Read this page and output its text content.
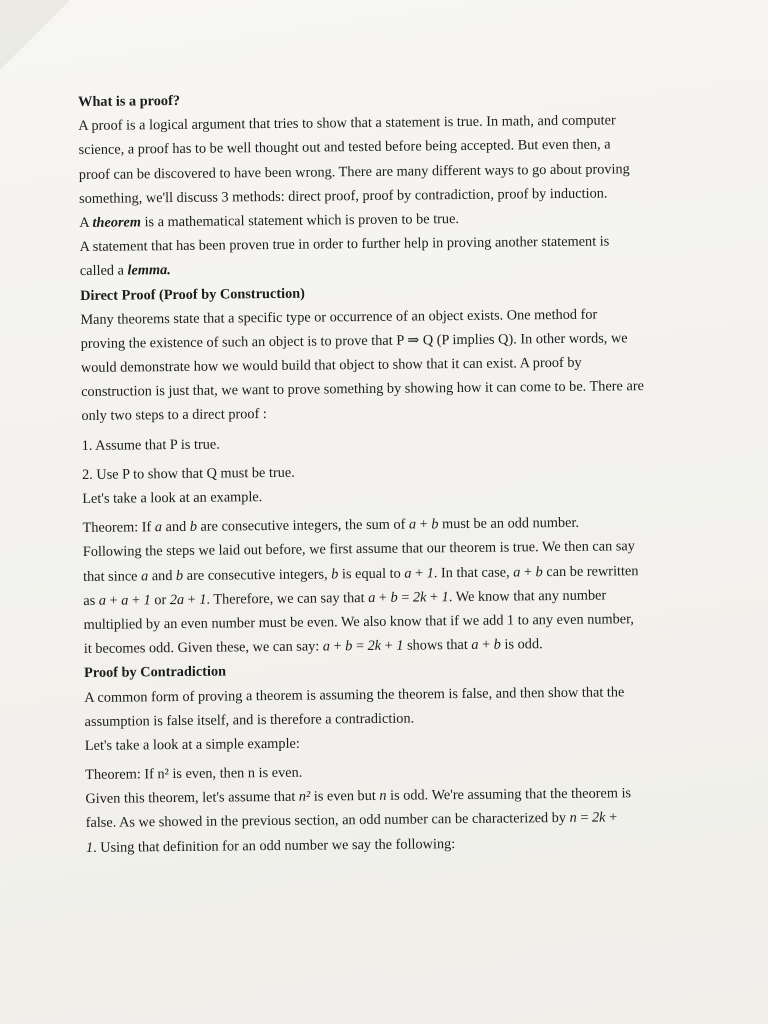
What is a proof?
A proof is a logical argument that tries to show that a statement is true. In math, and computer
science, a proof has to be well thought out and tested before being accepted. But even then, a
proof can be discovered to have been wrong. There are many different ways to go about proving
something, we'll discuss 3 methods: direct proof, proof by contradiction, proof by induction.
A theorem is a mathematical statement which is proven to be true.
A statement that has been proven true in order to further help in proving another statement is
called a lemma.
Direct Proof (Proof by Construction)
Many theorems state that a specific type or occurrence of an object exists. One method for
proving the existence of such an object is to prove that P ⇒ Q (P implies Q). In other words, we
would demonstrate how we would build that object to show that it can exist. A proof by
construction is just that, we want to prove something by showing how it can come to be. There are
only two steps to a direct proof :
1. Assume that P is true.
2. Use P to show that Q must be true.
Let's take a look at an example.
Theorem: If a and b are consecutive integers, the sum of a + b must be an odd number.
Following the steps we laid out before, we first assume that our theorem is true. We then can say
that since a and b are consecutive integers, b is equal to a + 1. In that case, a + b can be rewritten
as a + a + 1 or 2a + 1. Therefore, we can say that a + b = 2k + 1. We know that any number
multiplied by an even number must be even. We also know that if we add 1 to any even number,
it becomes odd. Given these, we can say: a + b = 2k + 1 shows that a + b is odd.
Proof by Contradiction
A common form of proving a theorem is assuming the theorem is false, and then show that the
assumption is false itself, and is therefore a contradiction.
Let's take a look at a simple example:
Theorem: If n² is even, then n is even.
Given this theorem, let's assume that n² is even but n is odd. We're assuming that the theorem is
false. As we showed in the previous section, an odd number can be characterized by n = 2k +
1. Using that definition for an odd number we say the following:
